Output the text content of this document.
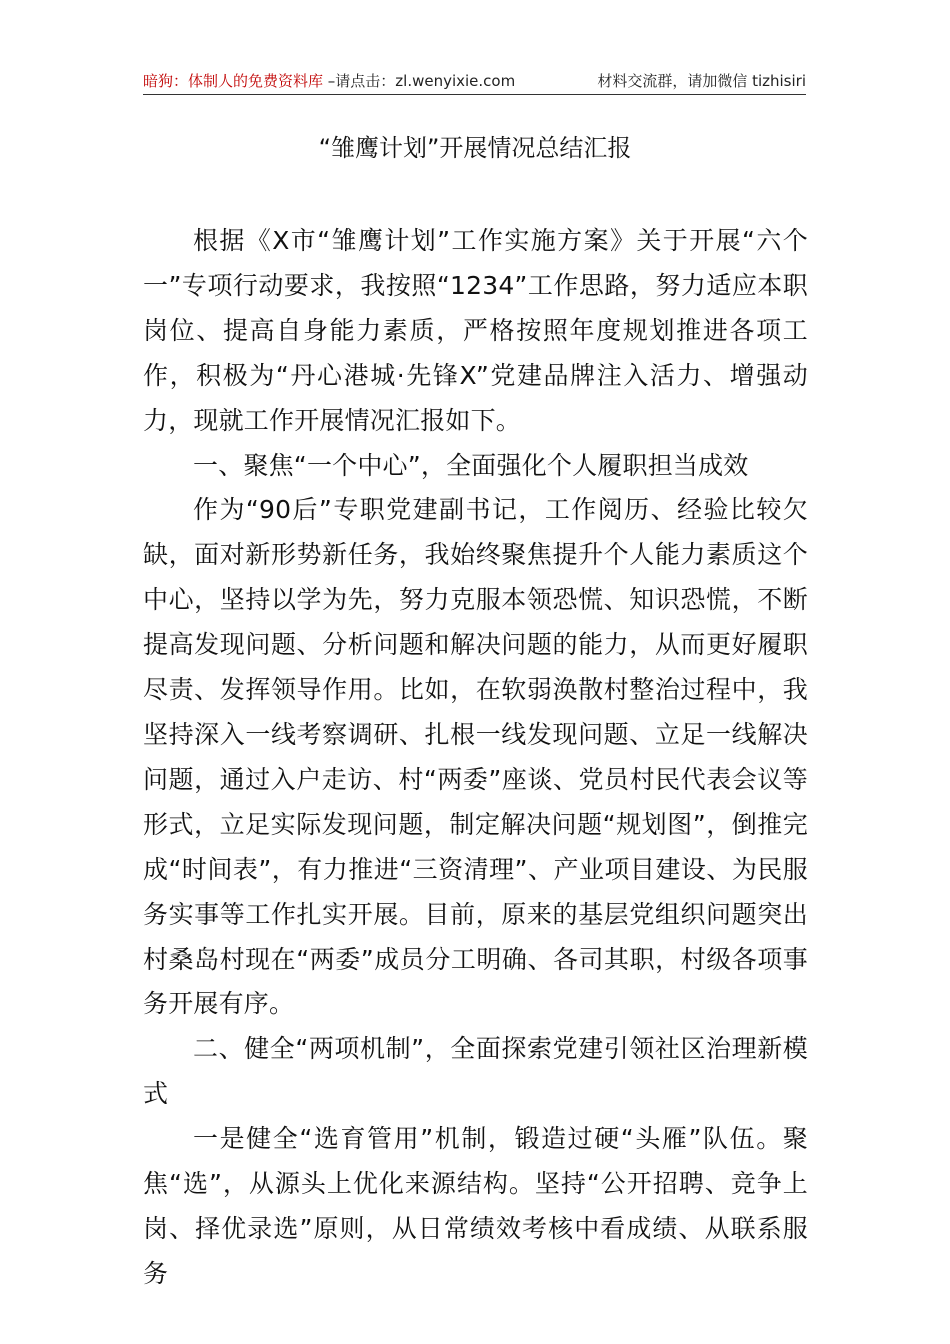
暗狗：体制人的免费资料库 –请点击：zl.wenyixie.com	材料交流群，请加微信 tizhisiri
“雏鹰计划”开展情况总结汇报

根据《X市“雏鹰计划”工作实施方案》关于开展“六个一”专项行动要求，我按照“1234”工作思路，努力适应本职岗位、提高自身能力素质，严格按照年度规划推进各项工作，积极为“丹心港城·先锋X”党建品牌注入活力、增强动力，现就工作开展情况汇报如下。

一、聚焦“一个中心”，全面强化个人履职担当成效

作为“90后”专职党建副书记，工作阅历、经验比较欠缺，面对新形势新任务，我始终聚焦提升个人能力素质这个中心，坚持以学为先，努力克服本领恐慌、知识恐慌，不断提高发现问题、分析问题和解决问题的能力，从而更好履职尽责、发挥领导作用。比如，在软弱涣散村整治过程中，我坚持深入一线考察调研、扎根一线发现问题、立足一线解决问题，通过入户走访、村“两委”座谈、党员村民代表会议等形式，立足实际发现问题，制定解决问题“规划图”，倒推完成“时间表”，有力推进“三资清理”、产业项目建设、为民服务实事等工作扎实开展。目前，原来的基层党组织问题突出村桑岛村现在“两委”成员分工明确、各司其职，村级各项事务开展有序。

二、健全“两项机制”，全面探索党建引领社区治理新模式

一是健全“选育管用”机制，锻造过硬“头雁”队伍。聚焦“选”，从源头上优化来源结构。坚持“公开招聘、竞争上岗、择优录选”原则，从日常绩效考核中看成绩、从联系服务
